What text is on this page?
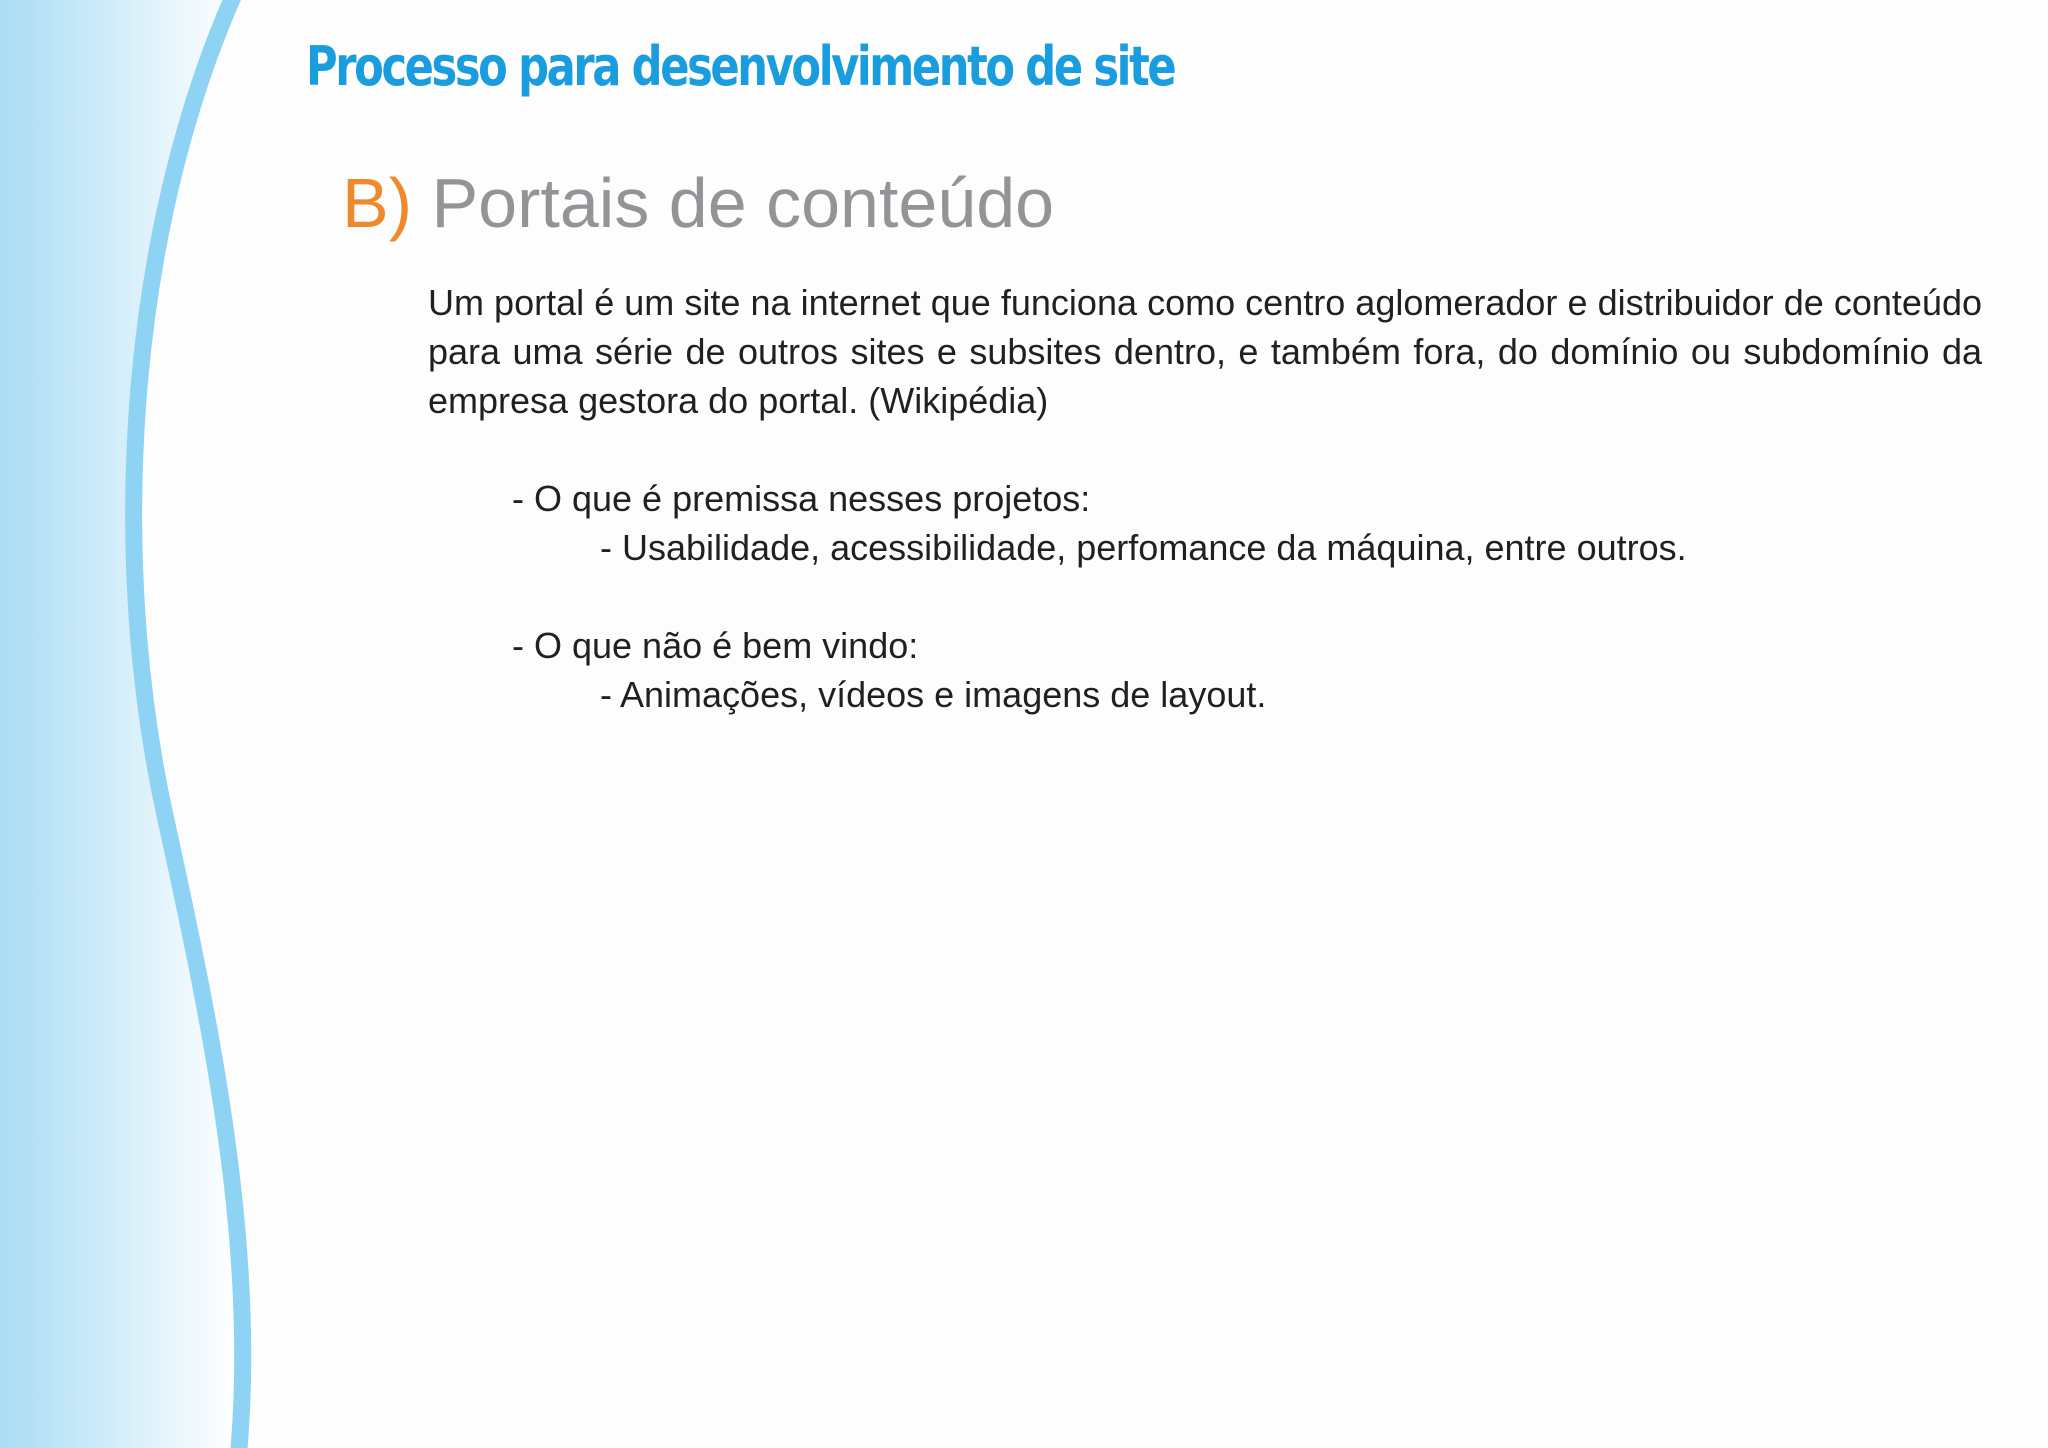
Processo para desenvolvimento de site
B) Portais de conteúdo

Um portal é um site na internet que funciona como centro aglomerador e distribuidor de conteúdo para uma série de outros sites e subsites dentro, e também fora, do domínio ou subdomínio da empresa gestora do portal. (Wikipédia)

- O que é premissa nesses projetos:

- Usabilidade, acessibilidade, perfomance da máquina, entre outros.

- O que não é bem vindo:

- Animações, vídeos e imagens de layout.
